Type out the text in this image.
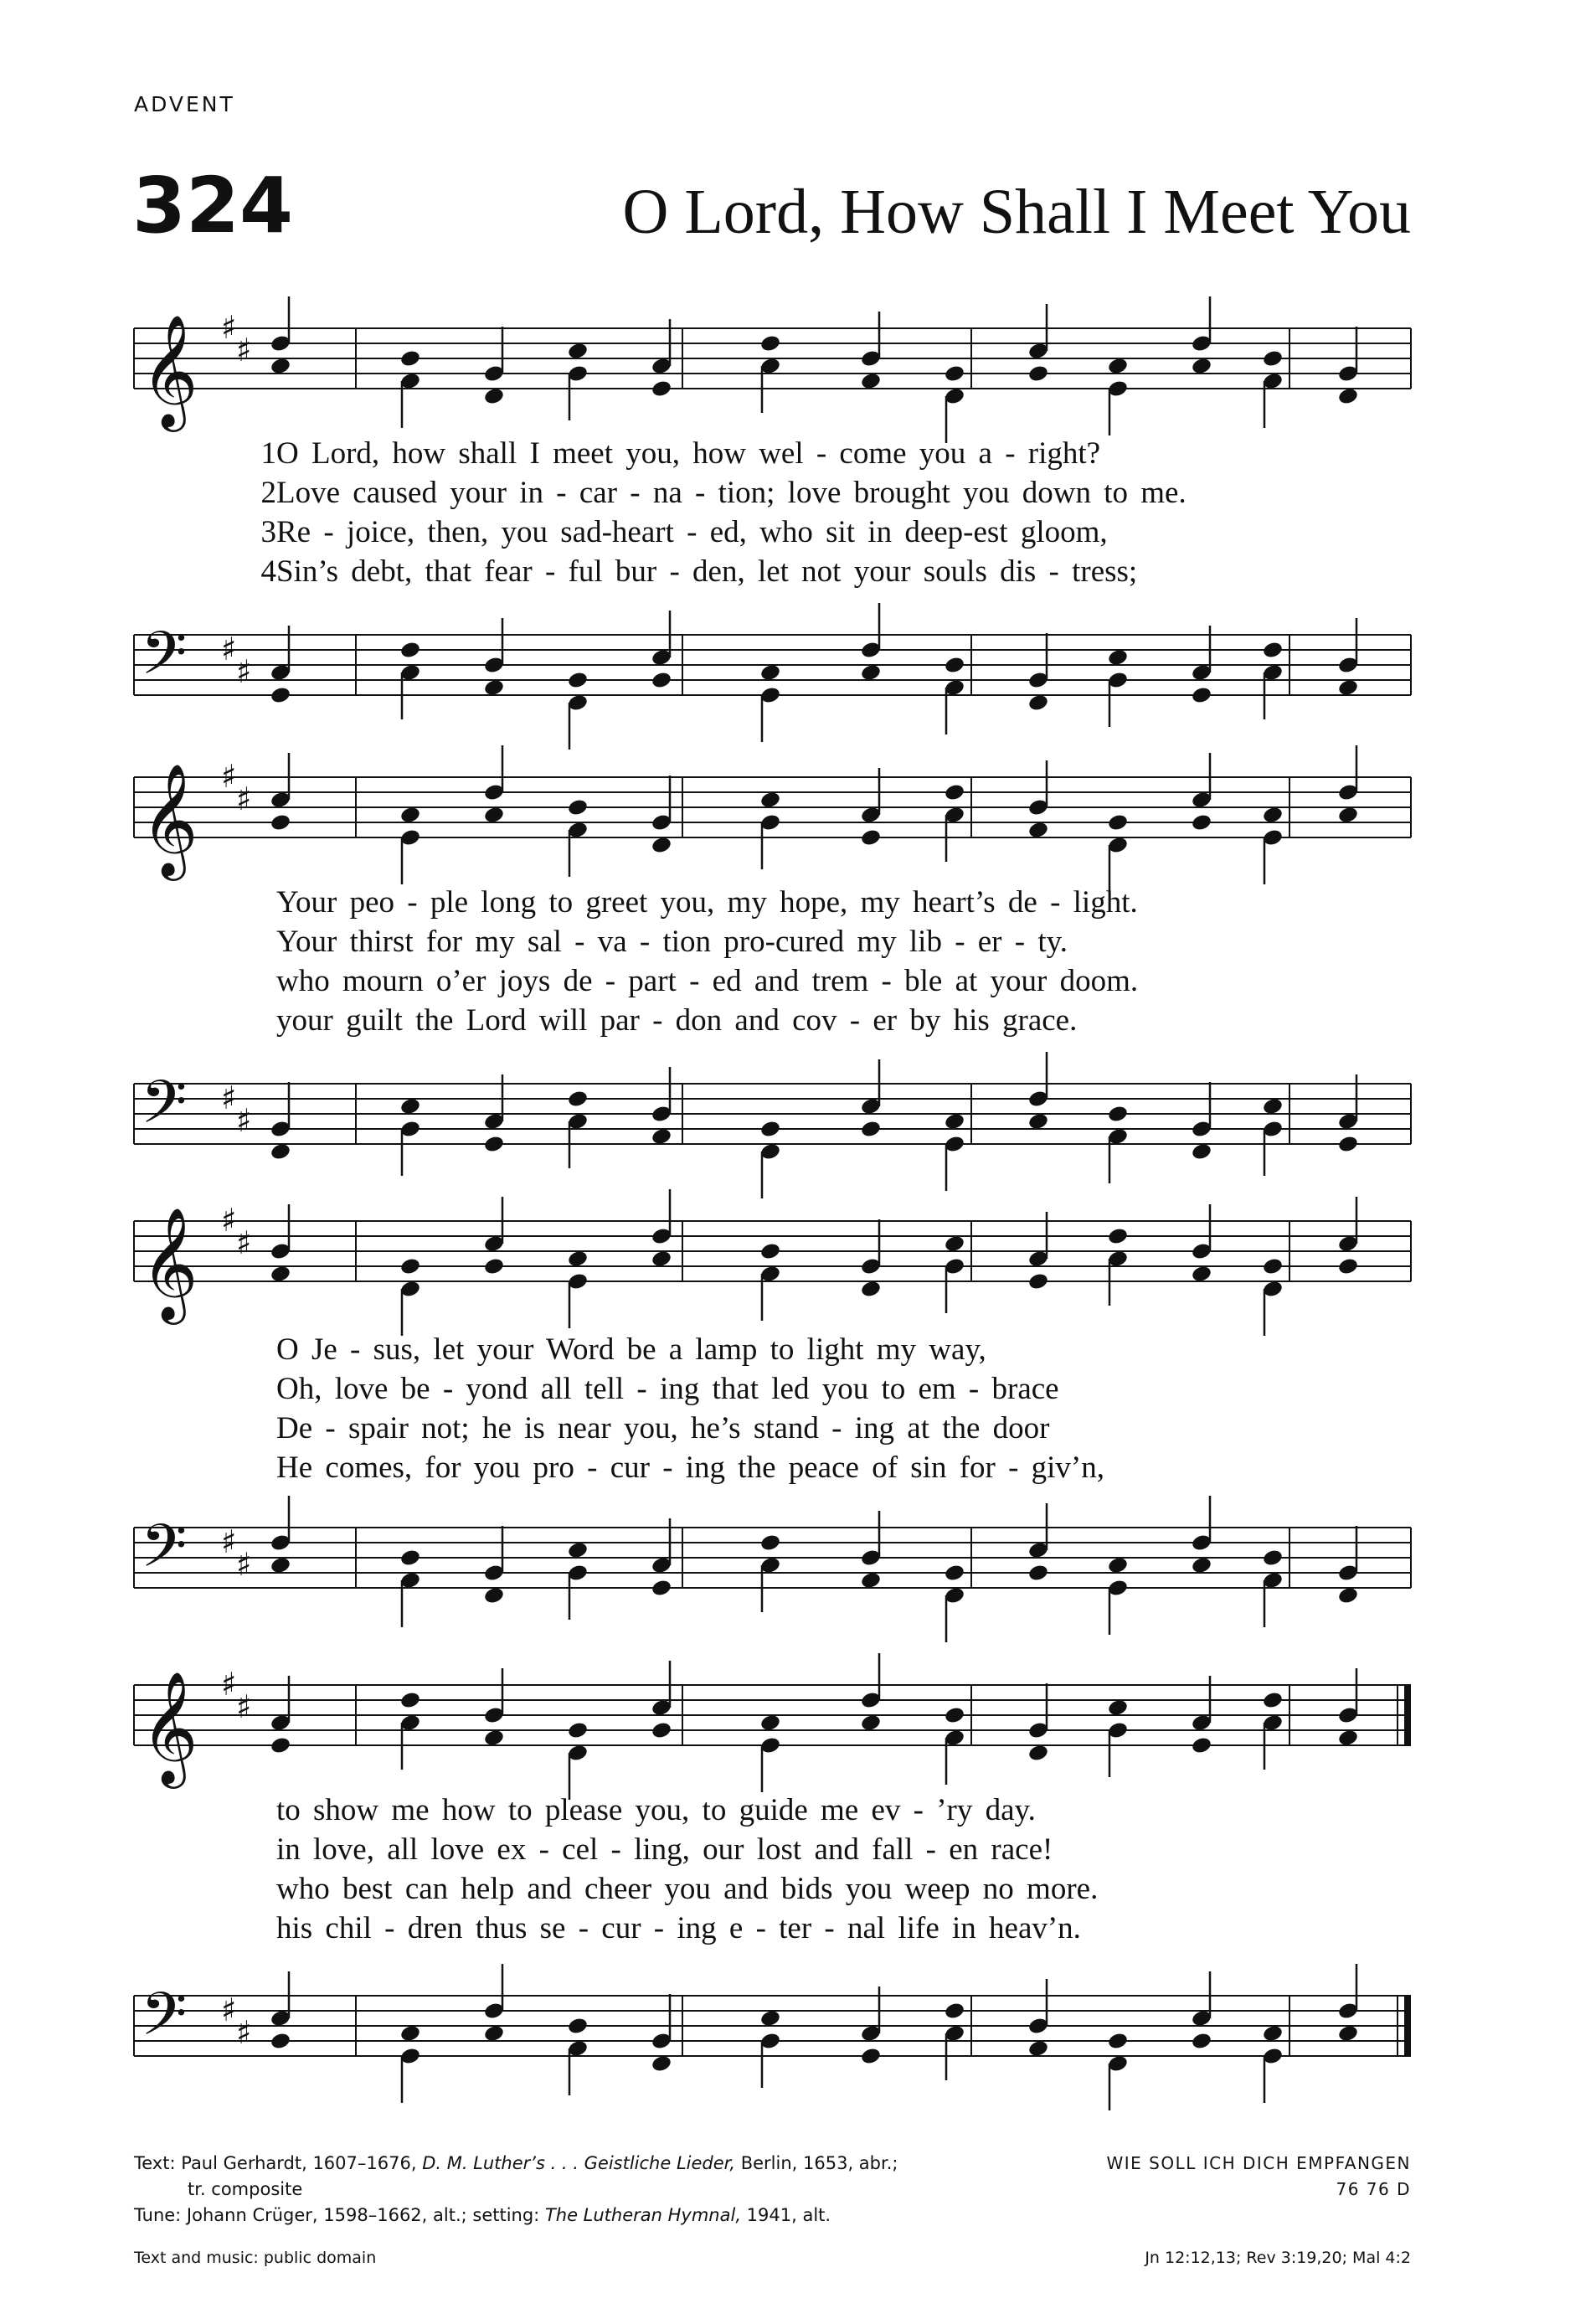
ADVENT
324	O Lord, How Shall I Meet You
𝄞 ♯
♯
1 O Lord, how shall I meet you, how wel - come you a - right?
2 Love caused your in - car - na - tion; love brought you down to me.
3 Re - joice, then, you sad-heart - ed, who sit in deep-est gloom,
4 Sin’s debt, that fear - ful bur - den, let not your souls dis - tress;
𝄢 ♯
♯
𝄞 ♯
♯
Your peo - ple long to greet you, my hope, my heart’s de - light.
Your thirst for my sal - va - tion pro-cured my lib - er - ty.
who mourn o’er joys de - part - ed and trem - ble at your doom.
your guilt the Lord will par - don and cov - er by his grace.
𝄢 ♯
♯
𝄞 ♯
♯
O Je - sus, let your Word be a lamp to light my way,
Oh, love be - yond all tell - ing that led you to em - brace
De - spair not; he is near you, he’s stand - ing at the door
He comes, for you pro - cur - ing the peace of sin for - giv’n,
𝄢 ♯
♯
𝄞 ♯
♯
to show me how to please you, to guide me ev - ’ry day.
in love, all love ex - cel - ling, our lost and fall - en race!
who best can help and cheer you and bids you weep no more.
his chil - dren thus se - cur - ing e - ter - nal life in heav’n.
𝄢 ♯
♯
Text: Paul Gerhardt, 1607–1676, D. M. Luther’s . . . Geistliche Lieder, Berlin, 1653, abr.;
tr. composite
Tune: Johann Crüger, 1598–1662, alt.; setting: The Lutheran Hymnal, 1941, alt.
WIE SOLL ICH DICH EMPFANGEN
76 76 D
Text and music: public domain	Jn 12:12,13; Rev 3:19,20; Mal 4:2
